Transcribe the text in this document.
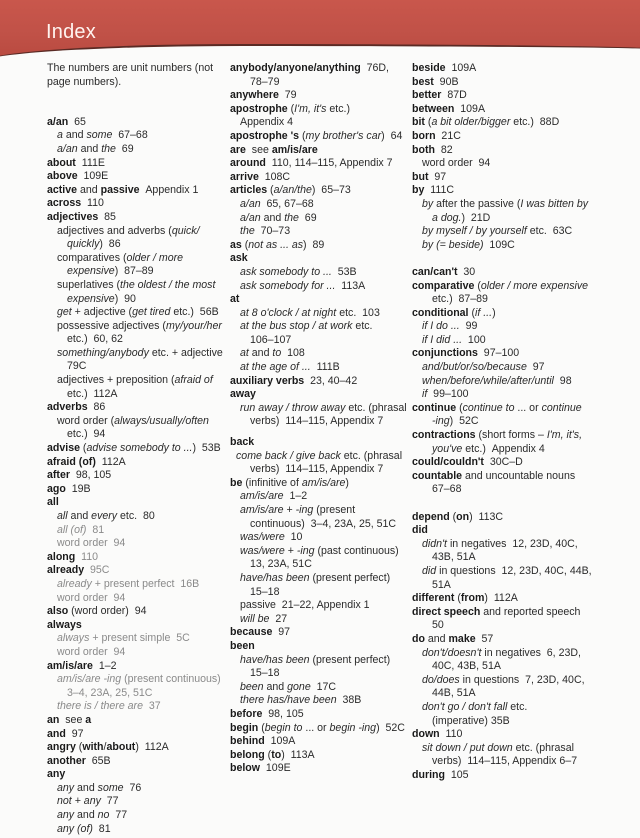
Index
The numbers are unit numbers (not
page numbers).
a/an  65
a and some  67–68
a/an and the  69
about  111E
above  109E
active and passive  Appendix 1
across  110
adjectives  85
adjectives and adverbs (quick/
quickly)  86
comparatives (older / more
expensive)  87–89
superlatives (the oldest / the most
expensive)  90
get + adjective (get tired etc.)  56B
possessive adjectives (my/your/her
etc.)  60, 62
something/anybody etc. + adjective
79C
adjectives + preposition (afraid of
etc.)  112A
adverbs  86
word order (always/usually/often
etc.)  94
advise (advise somebody to ...)  53B
afraid (of)  112A
after  98, 105
ago  19B
all
all and every etc.  80
all (of)  81
word order  94
along  110
already  95C
already + present perfect  16B
word order  94
also (word order)  94
always
always + present simple  5C
word order  94
am/is/are  1–2
am/is/are -ing (present continuous)
3–4, 23A, 25, 51C
there is / there are  37
an  see a
and  97
angry (with/about)  112A
another  65B
any
any and some  76
not + any  77
any and no  77
any (of)  81
anybody/anyone/anything  76D,
78–79
anywhere  79
apostrophe (I'm, it's etc.)
Appendix 4
apostrophe 's (my brother's car)  64
are  see am/is/are
around  110, 114–115, Appendix 7
arrive  108C
articles (a/an/the)  65–73
a/an  65, 67–68
a/an and the  69
the  70–73
as (not as ... as)  89
ask
ask somebody to ...  53B
ask somebody for ...  113A
at
at 8 o'clock / at night etc.  103
at the bus stop / at work etc.
106–107
at and to  108
at the age of ...  111B
auxiliary verbs  23, 40–42
away
run away / throw away etc. (phrasal
verbs)  114–115, Appendix 7
back
come back / give back etc. (phrasal
verbs)  114–115, Appendix 7
be (infinitive of am/is/are)
am/is/are  1–2
am/is/are + -ing (present
continuous)  3–4, 23A, 25, 51C
was/were  10
was/were + -ing (past continuous)
13, 23A, 51C
have/has been (present perfect)
15–18
passive  21–22, Appendix 1
will be  27
because  97
been
have/has been (present perfect)
15–18
been and gone  17C
there has/have been  38B
before  98, 105
begin (begin to ... or begin -ing)  52C
behind  109A
belong (to)  113A
below  109E
beside  109A
best  90B
better  87D
between  109A
bit (a bit older/bigger etc.)  88D
born  21C
both  82
word order  94
but  97
by  111C
by after the passive (I was bitten by
a dog.)  21D
by myself / by yourself etc.  63C
by (= beside)  109C
can/can't  30
comparative (older / more expensive
etc.)  87–89
conditional (if ...)
if I do ...  99
if I did ...  100
conjunctions  97–100
and/but/or/so/because  97
when/before/while/after/until  98
if  99–100
continue (continue to ... or continue
-ing)  52C
contractions (short forms – I'm, it's,
you've etc.)  Appendix 4
could/couldn't  30C–D
countable and uncountable nouns
67–68
depend (on)  113C
did
didn't in negatives  12, 23D, 40C,
43B, 51A
did in questions  12, 23D, 40C, 44B,
51A
different (from)  112A
direct speech and reported speech
50
do and make  57
don't/doesn't in negatives  6, 23D,
40C, 43B, 51A
do/does in questions  7, 23D, 40C,
44B, 51A
don't go / don't fall etc.
(imperative) 35B
down  110
sit down / put down etc. (phrasal
verbs)  114–115, Appendix 6–7
during  105
